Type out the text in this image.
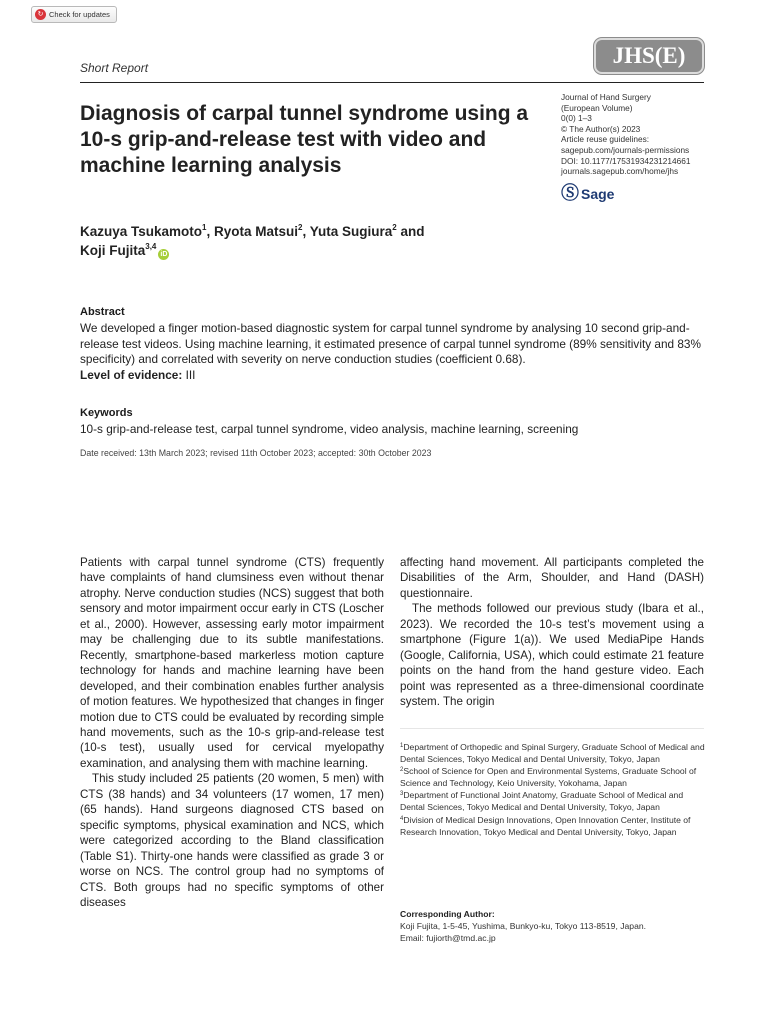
↻ Check for updates
Short Report	JHS(E)
Diagnosis of carpal tunnel syndrome using a 10-s grip-and-release test with video and machine learning analysis
Journal of Hand Surgery
(European Volume)
0(0) 1–3
© The Author(s) 2023
Article reuse guidelines:
sagepub.com/journals-permissions
DOI: 10.1177/17531934231214661
journals.sagepub.com/home/jhs
Ⓢ Sage
Kazuya Tsukamoto$^1$, Ryota Matsui$^2$, Yuta Sugiura$^2$ and
Koji Fujita$^{3,4}$iD
Abstract

We developed a finger motion-based diagnostic system for carpal tunnel syndrome by analysing 10 second grip-and-release test videos. Using machine learning, it estimated presence of carpal tunnel syndrome (89% sensitivity and 83% specificity) and correlated with severity on nerve conduction studies (coefficient 0.68).

Level of evidence: III
Keywords
10-s grip-and-release test, carpal tunnel syndrome, video analysis, machine learning, screening
Date received: 13th March 2023; revised 11th October 2023; accepted: 30th October 2023

Patients with carpal tunnel syndrome (CTS) frequently have complaints of hand clumsiness even without thenar atrophy. Nerve conduction studies (NCS) suggest that both sensory and motor impairment occur early in CTS (Loscher et al., 2000). However, assessing early motor impairment may be challenging due to its subtle manifestations. Recently, smartphone-based markerless motion capture technology for hands and machine learning have been developed, and their combination enables further analysis of motion features. We hypothesized that changes in finger motion due to CTS could be evaluated by recording simple hand movements, such as the 10-s grip-and-release test (10-s test), usually used for cervical myelopathy examination, and analysing them with machine learning.

This study included 25 patients (20 women, 5 men) with CTS (38 hands) and 34 volunteers (17 women, 17 men) (65 hands). Hand surgeons diagnosed CTS based on specific symptoms, physical examination and NCS, which were categorized according to the Bland classification (Table S1). Thirty-one hands were classified as grade 3 or worse on NCS. The control group had no symptoms of CTS. Both groups had no specific symptoms of other diseases

affecting hand movement. All participants completed the Disabilities of the Arm, Shoulder, and Hand (DASH) questionnaire.

The methods followed our previous study (Ibara et al., 2023). We recorded the 10-s test’s movement using a smartphone (Figure 1(a)). We used MediaPipe Hands (Google, California, USA), which could estimate 21 feature points on the hand from the hand gesture video. Each point was represented as a three-dimensional coordinate system. The origin

$^1$Department of Orthopedic and Spinal Surgery, Graduate School of Medical and Dental Sciences, Tokyo Medical and Dental University, Tokyo, Japan

$^2$School of Science for Open and Environmental Systems, Graduate School of Science and Technology, Keio University, Yokohama, Japan

$^3$Department of Functional Joint Anatomy, Graduate School of Medical and Dental Sciences, Tokyo Medical and Dental University, Tokyo, Japan

$^4$Division of Medical Design Innovations, Open Innovation Center, Institute of Research Innovation, Tokyo Medical and Dental University, Tokyo, Japan

Corresponding Author:
Koji Fujita, 1-5-45, Yushima, Bunkyo-ku, Tokyo 113-8519, Japan.
Email: fujiorth@tmd.ac.jp
